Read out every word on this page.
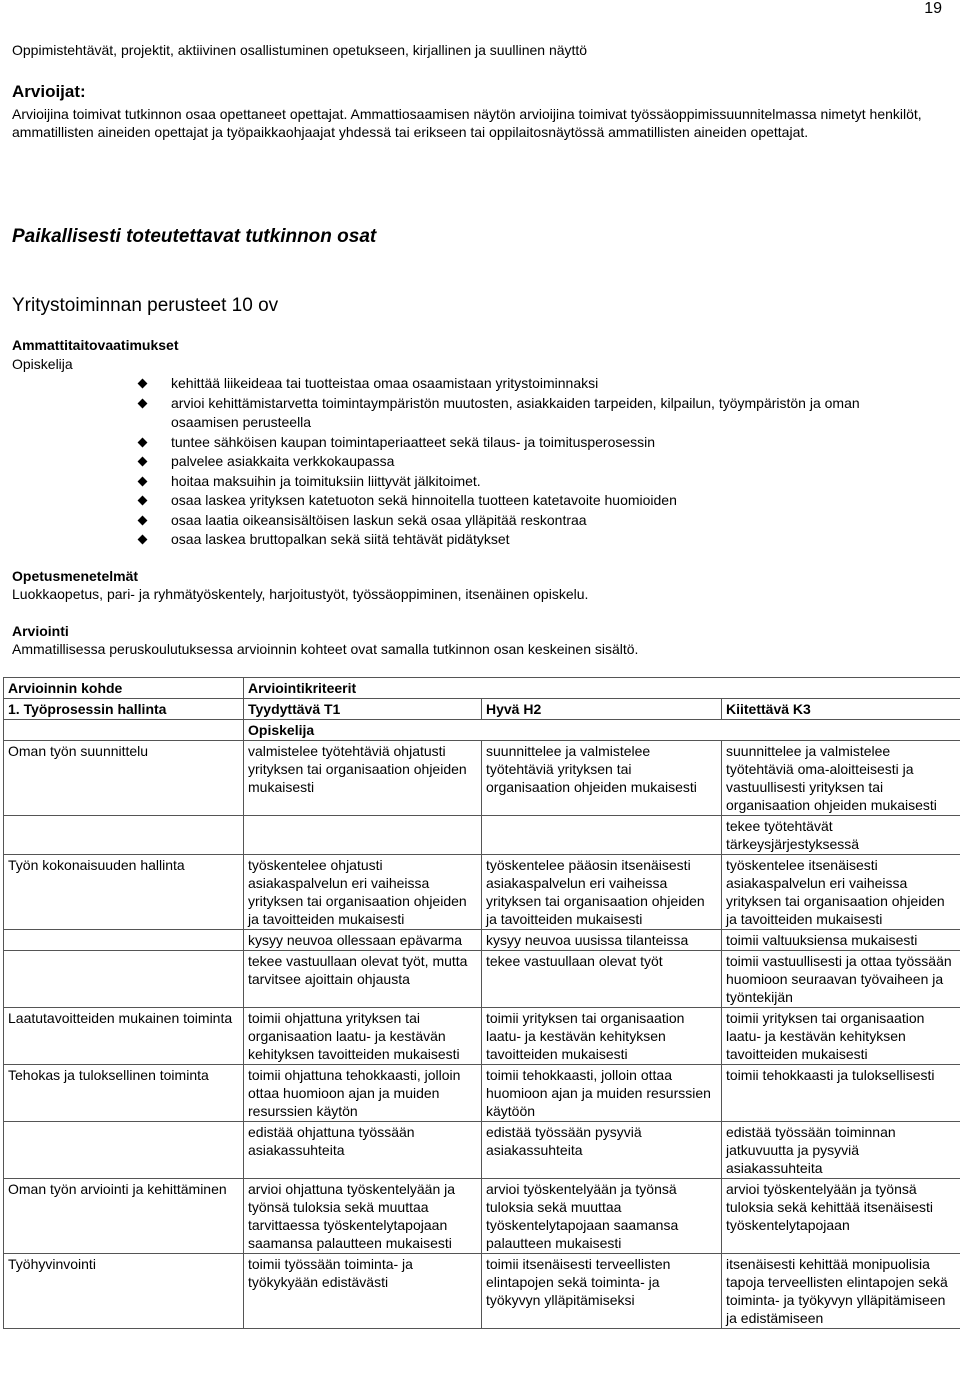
19
Oppimistehtävät, projektit, aktiivinen osallistuminen opetukseen, kirjallinen ja suullinen näyttö
Arvioijat:
Arvioijina toimivat tutkinnon osaa opettaneet opettajat. Ammattiosaamisen näytön arvioijina toimivat työssäoppimissuunnitelmassa nimetyt henkilöt, ammatillisten aineiden opettajat ja työpaikkaohjaajat yhdessä tai erikseen tai oppilaitosnäytössä ammatillisten aineiden opettajat.
Paikallisesti toteutettavat tutkinnon osat
Yritystoiminnan perusteet 10 ov
Ammattitaitovaatimukset
Opiskelija
kehittää liikeideaa tai tuotteistaa omaa osaamistaan yritystoiminnaksi
arvioi kehittämistarvetta toimintaympäristön muutosten, asiakkaiden tarpeiden, kilpailun, työympäristön ja oman osaamisen perusteella
tuntee sähköisen kaupan toimintaperiaatteet sekä tilaus- ja toimitusperosessin
palvelee asiakkaita verkkokaupassa
hoitaa maksuihin ja toimituksiin liittyvät jälkitoimet.
osaa laskea yrityksen katetuoton sekä hinnoitella tuotteen katetavoite huomioiden
osaa laatia oikeansisältöisen laskun sekä osaa ylläpitää reskontraa
osaa laskea bruttopalkan sekä siitä tehtävät pidätykset
Opetusmenetelmät
Luokkaopetus, pari- ja ryhmätyöskentely, harjoitustyöt, työssäoppiminen, itsenäinen opiskelu.
Arviointi
Ammatillisessa peruskoulutuksessa arvioinnin kohteet ovat samalla tutkinnon osan keskeinen sisältö.
Arvioinnin kohde	Arviointikriteerit		
1. Työprosessin hallinta	Tyydyttävä T1	Hyvä H2	Kiitettävä K3
	Opiskelija		
Oman työn suunnittelu	valmistelee työtehtäviä ohjatusti yrityksen tai organisaation ohjeiden mukaisesti	suunnittelee ja valmistelee työtehtäviä yrityksen tai organisaation ohjeiden mukaisesti	suunnittelee ja valmistelee työtehtäviä oma-aloitteisesti ja vastuullisesti yrityksen tai organisaation ohjeiden mukaisesti
			tekee työtehtävät tärkeysjärjestyksessä
Työn kokonaisuuden hallinta	työskentelee ohjatusti asiakaspalvelun eri vaiheissa yrityksen tai organisaation ohjeiden ja tavoitteiden mukaisesti	työskentelee pääosin itsenäisesti asiakaspalvelun eri vaiheissa yrityksen tai organisaation ohjeiden ja tavoitteiden mukaisesti	työskentelee itsenäisesti asiakaspalvelun eri vaiheissa yrityksen tai organisaation ohjeiden ja tavoitteiden mukaisesti
	kysyy neuvoa ollessaan epävarma	kysyy neuvoa uusissa tilanteissa	toimii valtuuksiensa mukaisesti
	tekee vastuullaan olevat työt, mutta tarvitsee ajoittain ohjausta	tekee vastuullaan olevat työt	toimii vastuullisesti ja ottaa työssään huomioon seuraavan työvaiheen ja työntekijän
Laatutavoitteiden mukainen toiminta	toimii ohjattuna yrityksen tai organisaation laatu- ja kestävän kehityksen tavoitteiden mukaisesti	toimii yrityksen tai organisaation laatu- ja kestävän kehityksen tavoitteiden mukaisesti	toimii yrityksen tai organisaation laatu- ja kestävän kehityksen tavoitteiden mukaisesti
Tehokas ja tuloksellinen toiminta	toimii ohjattuna tehokkaasti, jolloin ottaa huomioon ajan ja muiden resurssien käytön	toimii tehokkaasti, jolloin ottaa huomioon ajan ja muiden resurssien käytöön	toimii tehokkaasti ja tuloksellisesti
	edistää ohjattuna työssään asiakassuhteita	edistää työssään pysyviä asiakassuhteita	edistää työssään toiminnan jatkuvuutta ja pysyviä asiakassuhteita
Oman työn arviointi ja kehittäminen	arvioi ohjattuna työskentelyään ja työnsä tuloksia sekä muuttaa tarvittaessa työskentelytapojaan saamansa palautteen mukaisesti	arvioi työskentelyään ja työnsä tuloksia sekä muuttaa työskentelytapojaan saamansa palautteen mukaisesti	arvioi työskentelyään ja työnsä tuloksia sekä kehittää itsenäisesti työskentelytapojaan
Työhyvinvointi	toimii työssään toiminta- ja työkykyään edistävästi	toimii itsenäisesti terveellisten elintapojen sekä toiminta- ja työkyvyn ylläpitämiseksi	itsenäisesti kehittää monipuolisia tapoja terveellisten elintapojen sekä toiminta- ja työkyvyn ylläpitämiseen ja edistämiseen
